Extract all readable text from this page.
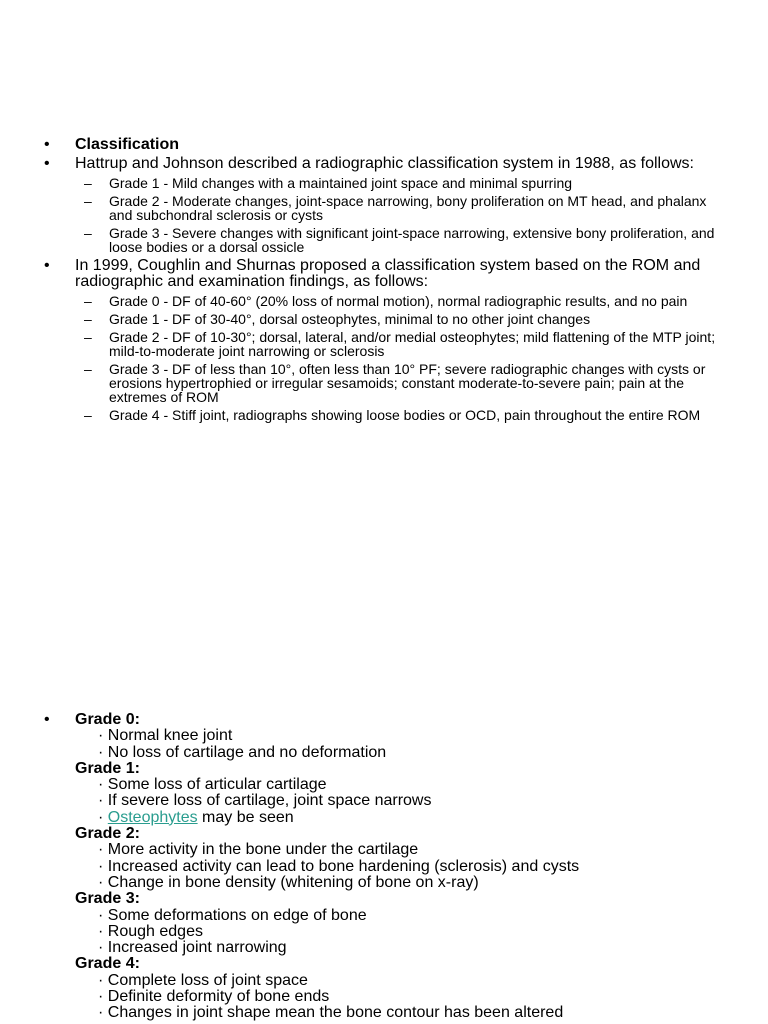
• Classification
• Hattrup and Johnson described a radiographic classification system in 1988, as follows:
– Grade 1 - Mild changes with a maintained joint space and minimal spurring
– Grade 2 - Moderate changes, joint-space narrowing, bony proliferation on MT head, and phalanx and subchondral sclerosis or cysts
– Grade 3 - Severe changes with significant joint-space narrowing, extensive bony proliferation, and loose bodies or a dorsal ossicle
• In 1999, Coughlin and Shurnas proposed a classification system based on the ROM and radiographic and examination findings, as follows:
– Grade 0 - DF of 40-60° (20% loss of normal motion), normal radiographic results, and no pain
– Grade 1 - DF of 30-40°, dorsal osteophytes, minimal to no other joint changes
– Grade 2 - DF of 10-30°; dorsal, lateral, and/or medial osteophytes; mild flattening of the MTP joint; mild-to-moderate joint narrowing or sclerosis
– Grade 3 - DF of less than 10°, often less than 10° PF; severe radiographic changes with cysts or erosions hypertrophied or irregular sesamoids; constant moderate-to-severe pain; pain at the extremes of ROM
– Grade 4 - Stiff joint, radiographs showing loose bodies or OCD, pain throughout the entire ROM
•	Grade 0:
· Normal knee joint
· No loss of cartilage and no deformation
Grade 1:
· Some loss of articular cartilage
· If severe loss of cartilage, joint space narrows
· Osteophytes may be seen
Grade 2:
· More activity in the bone under the cartilage
· Increased activity can lead to bone hardening (sclerosis) and cysts
· Change in bone density (whitening of bone on x-ray)
Grade 3:
· Some deformations on edge of bone
· Rough edges
· Increased joint narrowing
Grade 4:
· Complete loss of joint space
· Definite deformity of bone ends
· Changes in joint shape mean the bone contour has been altered
